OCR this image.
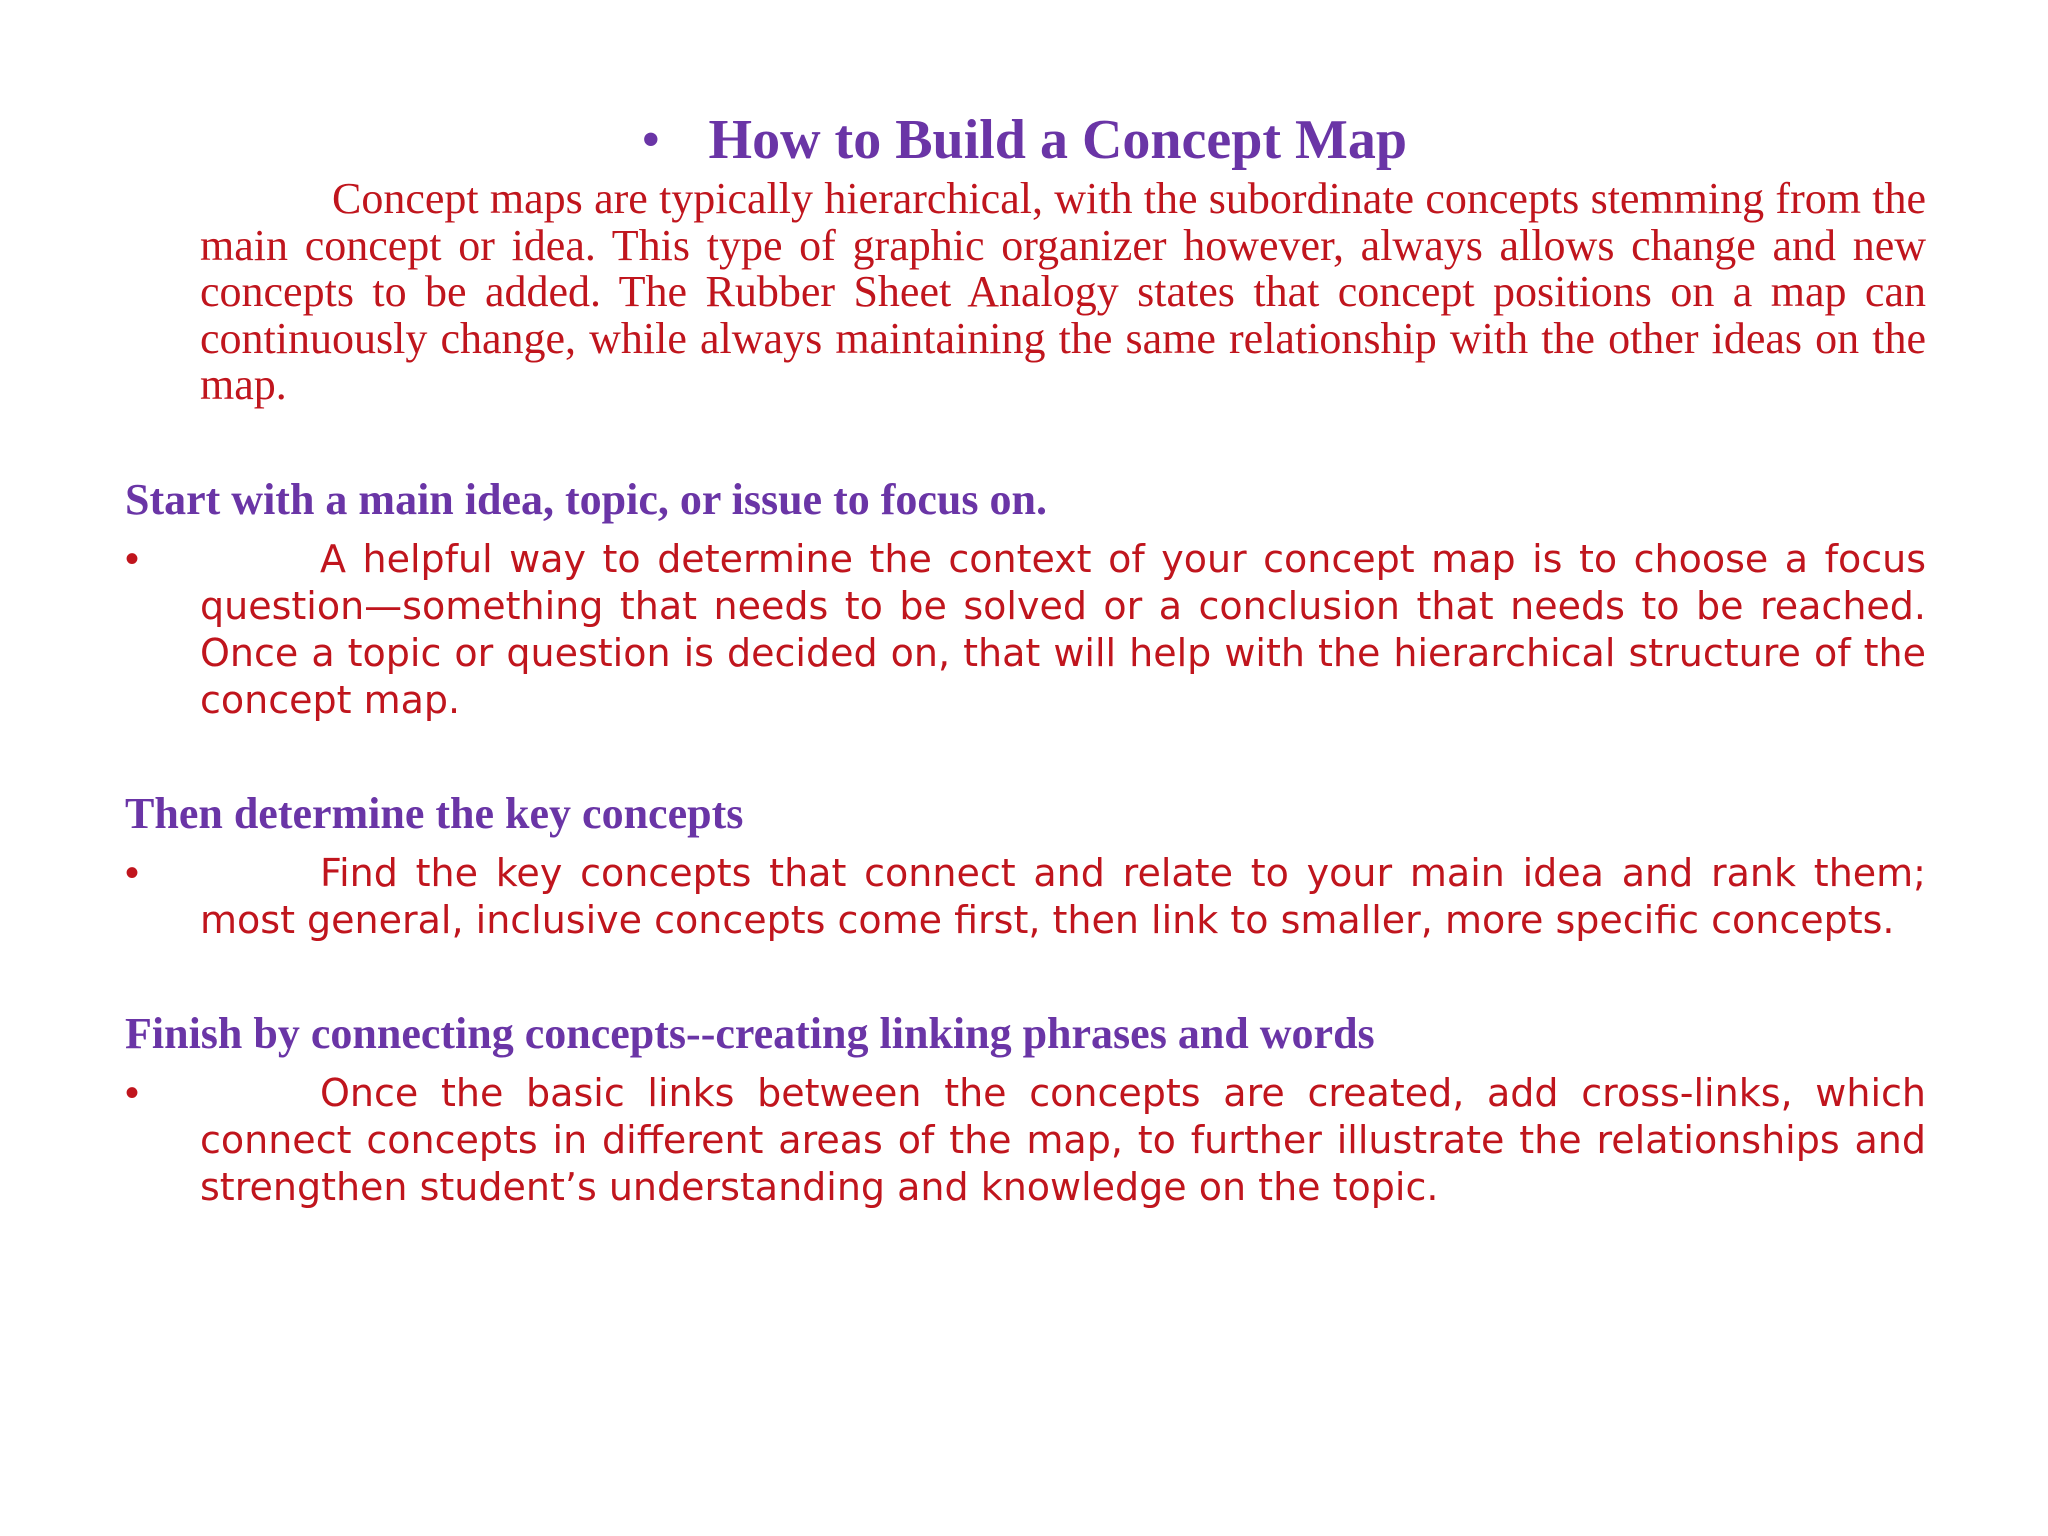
• How to Build a Concept Map

Concept maps are typically hierarchical, with the subordinate concepts stemming from the main concept or idea. This type of graphic organizer however, always allows change and new concepts to be added. The Rubber Sheet Analogy states that concept positions on a map can continuously change, while always maintaining the same relationship with the other ideas on the map.

Start with a main idea, topic, or issue to focus on.
•	A helpful way to determine the context of your concept map is to choose a focus question—something that needs to be solved or a conclusion that needs to be reached. Once a topic or question is decided on, that will help with the hierarchical structure of the concept map.

Then determine the key concepts
•	Find the key concepts that connect and relate to your main idea and rank them; most general, inclusive concepts come first, then link to smaller, more specific concepts.

Finish by connecting concepts--creating linking phrases and words
•	Once the basic links between the concepts are created, add cross-links, which connect concepts in different areas of the map, to further illustrate the relationships and strengthen student’s understanding and knowledge on the topic.
